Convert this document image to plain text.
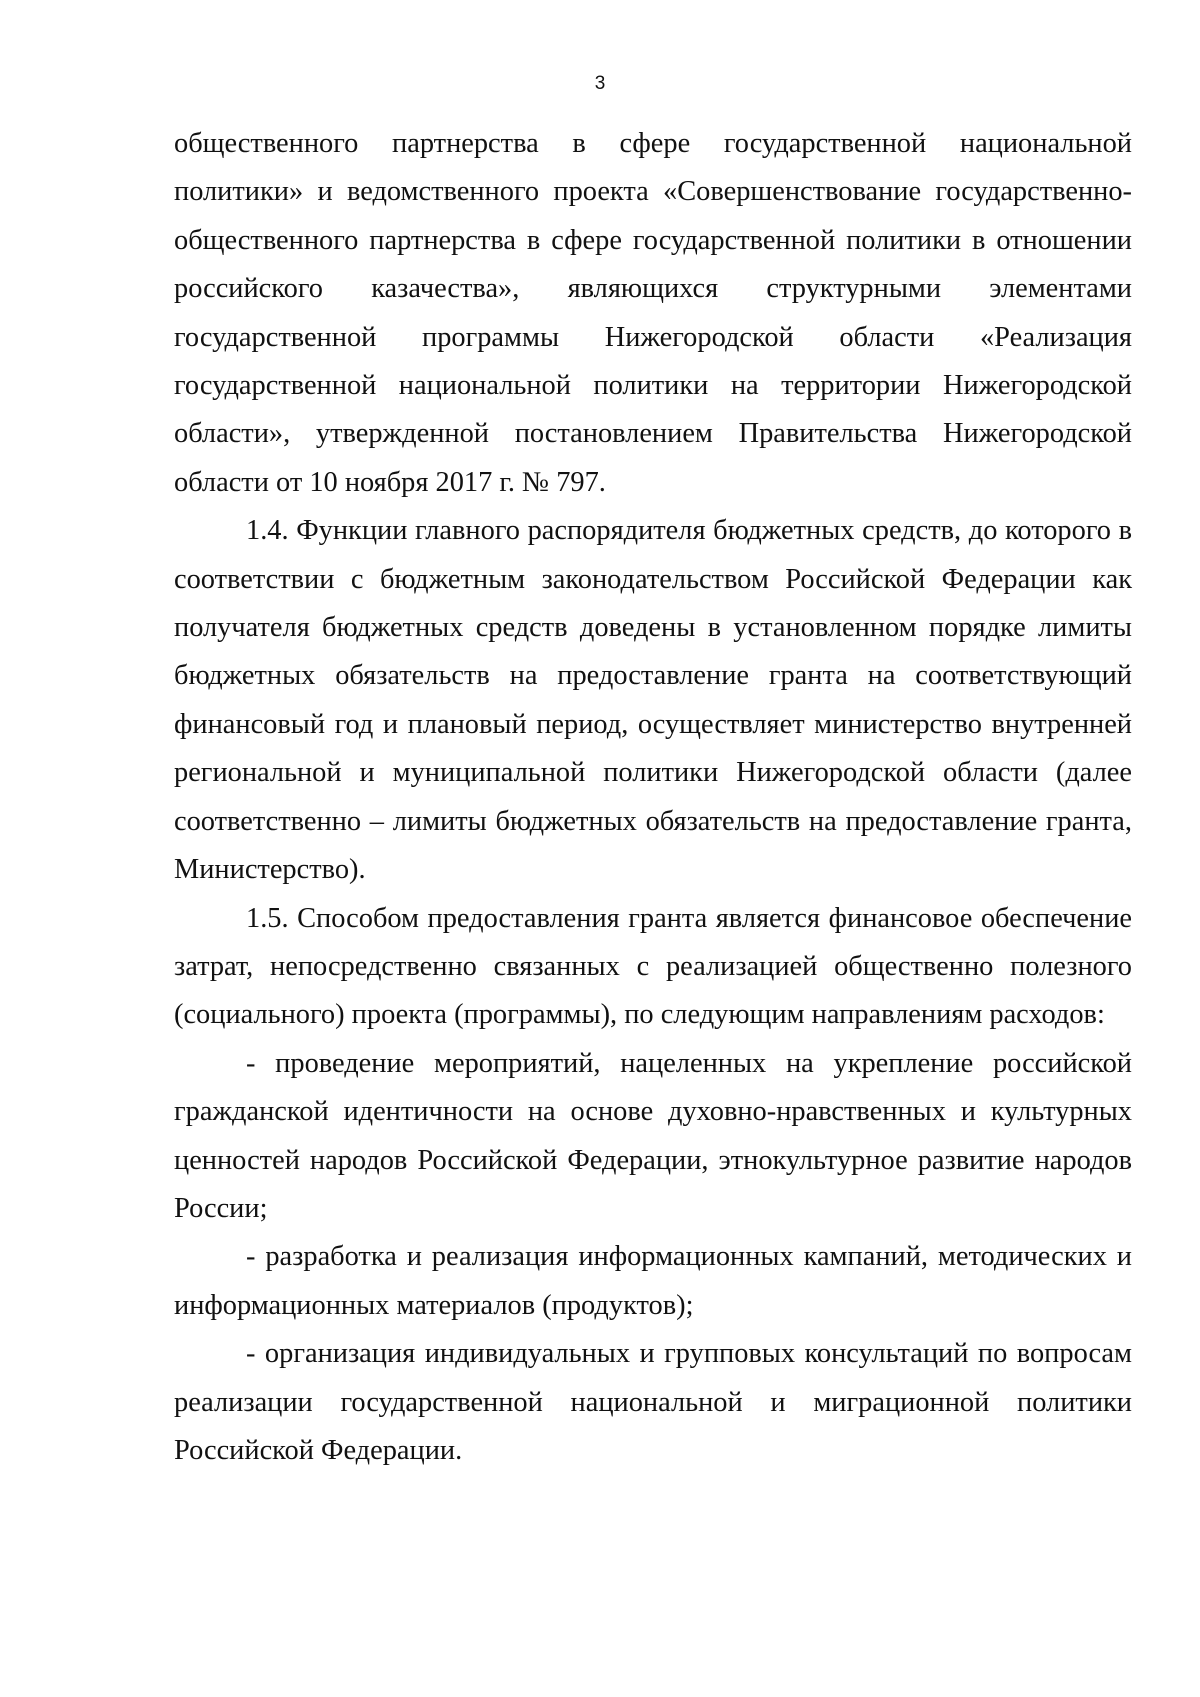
3

общественного партнерства в сфере государственной национальной политики» и ведомственного проекта «Совершенствование государственно-общественного партнерства в сфере государственной политики в отношении российского казачества», являющихся структурными элементами государственной программы Нижегородской области «Реализация государственной национальной политики на территории Нижегородской области», утвержденной постановлением Правительства Нижегородской области от 10 ноября 2017 г. № 797.

1.4. Функции главного распорядителя бюджетных средств, до которого в соответствии с бюджетным законодательством Российской Федерации как получателя бюджетных средств доведены в установленном порядке лимиты бюджетных обязательств на предоставление гранта на соответствующий финансовый год и плановый период, осуществляет министерство внутренней региональной и муниципальной политики Нижегородской области (далее соответственно – лимиты бюджетных обязательств на предоставление гранта, Министерство).

1.5. Способом предоставления гранта является финансовое обеспечение затрат, непосредственно связанных с реализацией общественно полезного (социального) проекта (программы), по следующим направлениям расходов:

- проведение мероприятий, нацеленных на укрепление российской гражданской идентичности на основе духовно-нравственных и культурных ценностей народов Российской Федерации, этнокультурное развитие народов России;

- разработка и реализация информационных кампаний, методических и информационных материалов (продуктов);

- организация индивидуальных и групповых консультаций по вопросам реализации государственной национальной и миграционной политики Российской Федерации.
